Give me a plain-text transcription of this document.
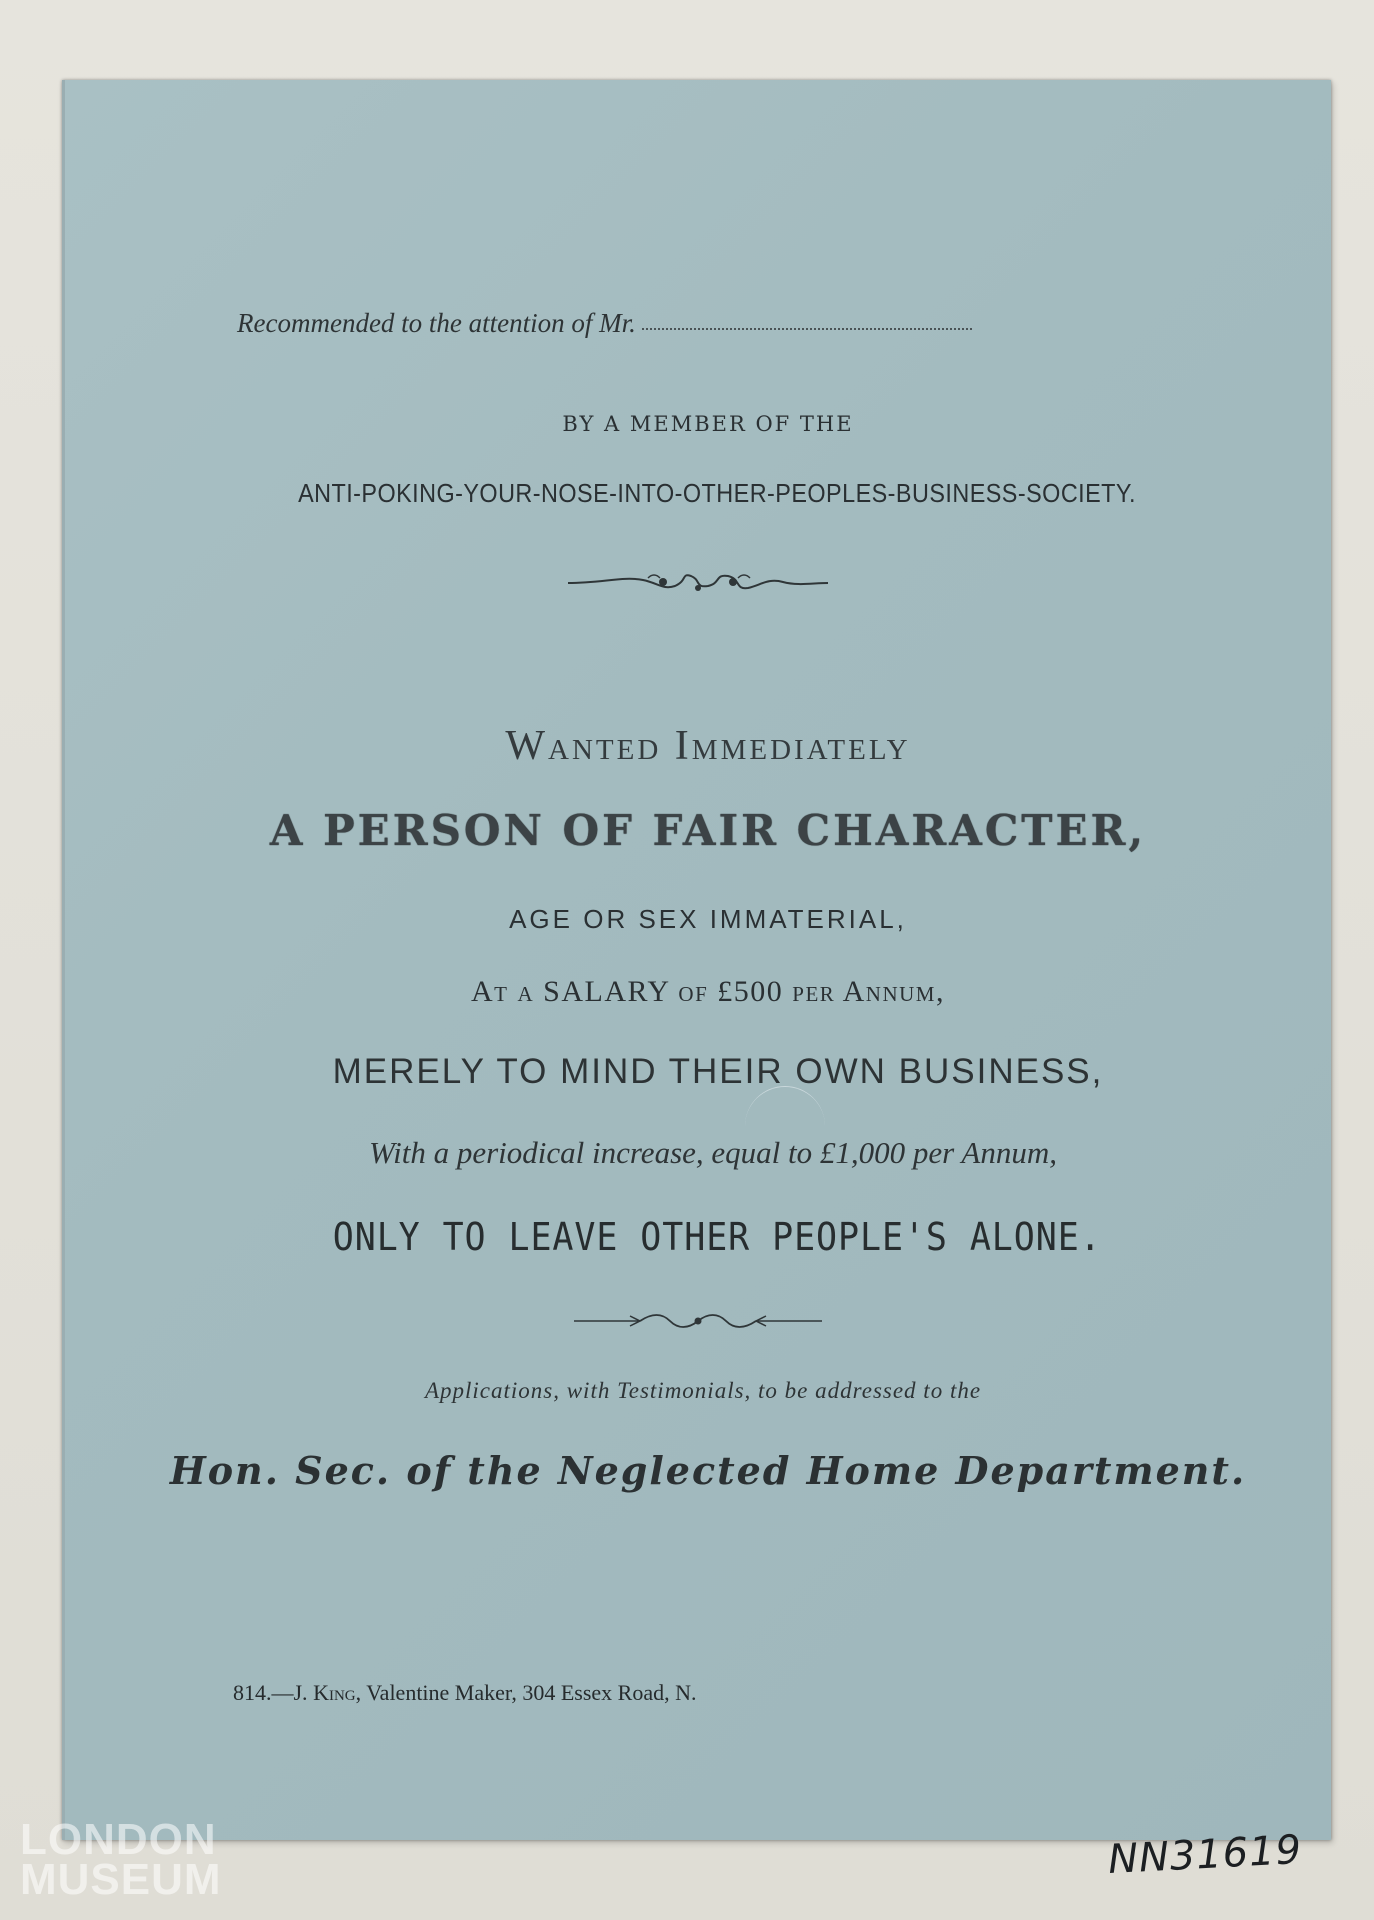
Recommended to the attention of Mr.
BY A MEMBER OF THE
ANTI-POKING-YOUR-NOSE-INTO-OTHER-PEOPLES-BUSINESS-SOCIETY.
Wanted Immediately
A PERSON OF FAIR CHARACTER,
AGE OR SEX IMMATERIAL,
At a SALARY of £500 per Annum,
MERELY TO MIND THEIR OWN BUSINESS,
With a periodical increase, equal to £1,000 per Annum,
ONLY TO LEAVE OTHER PEOPLE'S ALONE.
Applications, with Testimonials, to be addressed to the
Hon. Sec. of the Neglected Home Department.
814.—J. King, Valentine Maker, 304 Essex Road, N.
LONDON
MUSEUM	NN31619
